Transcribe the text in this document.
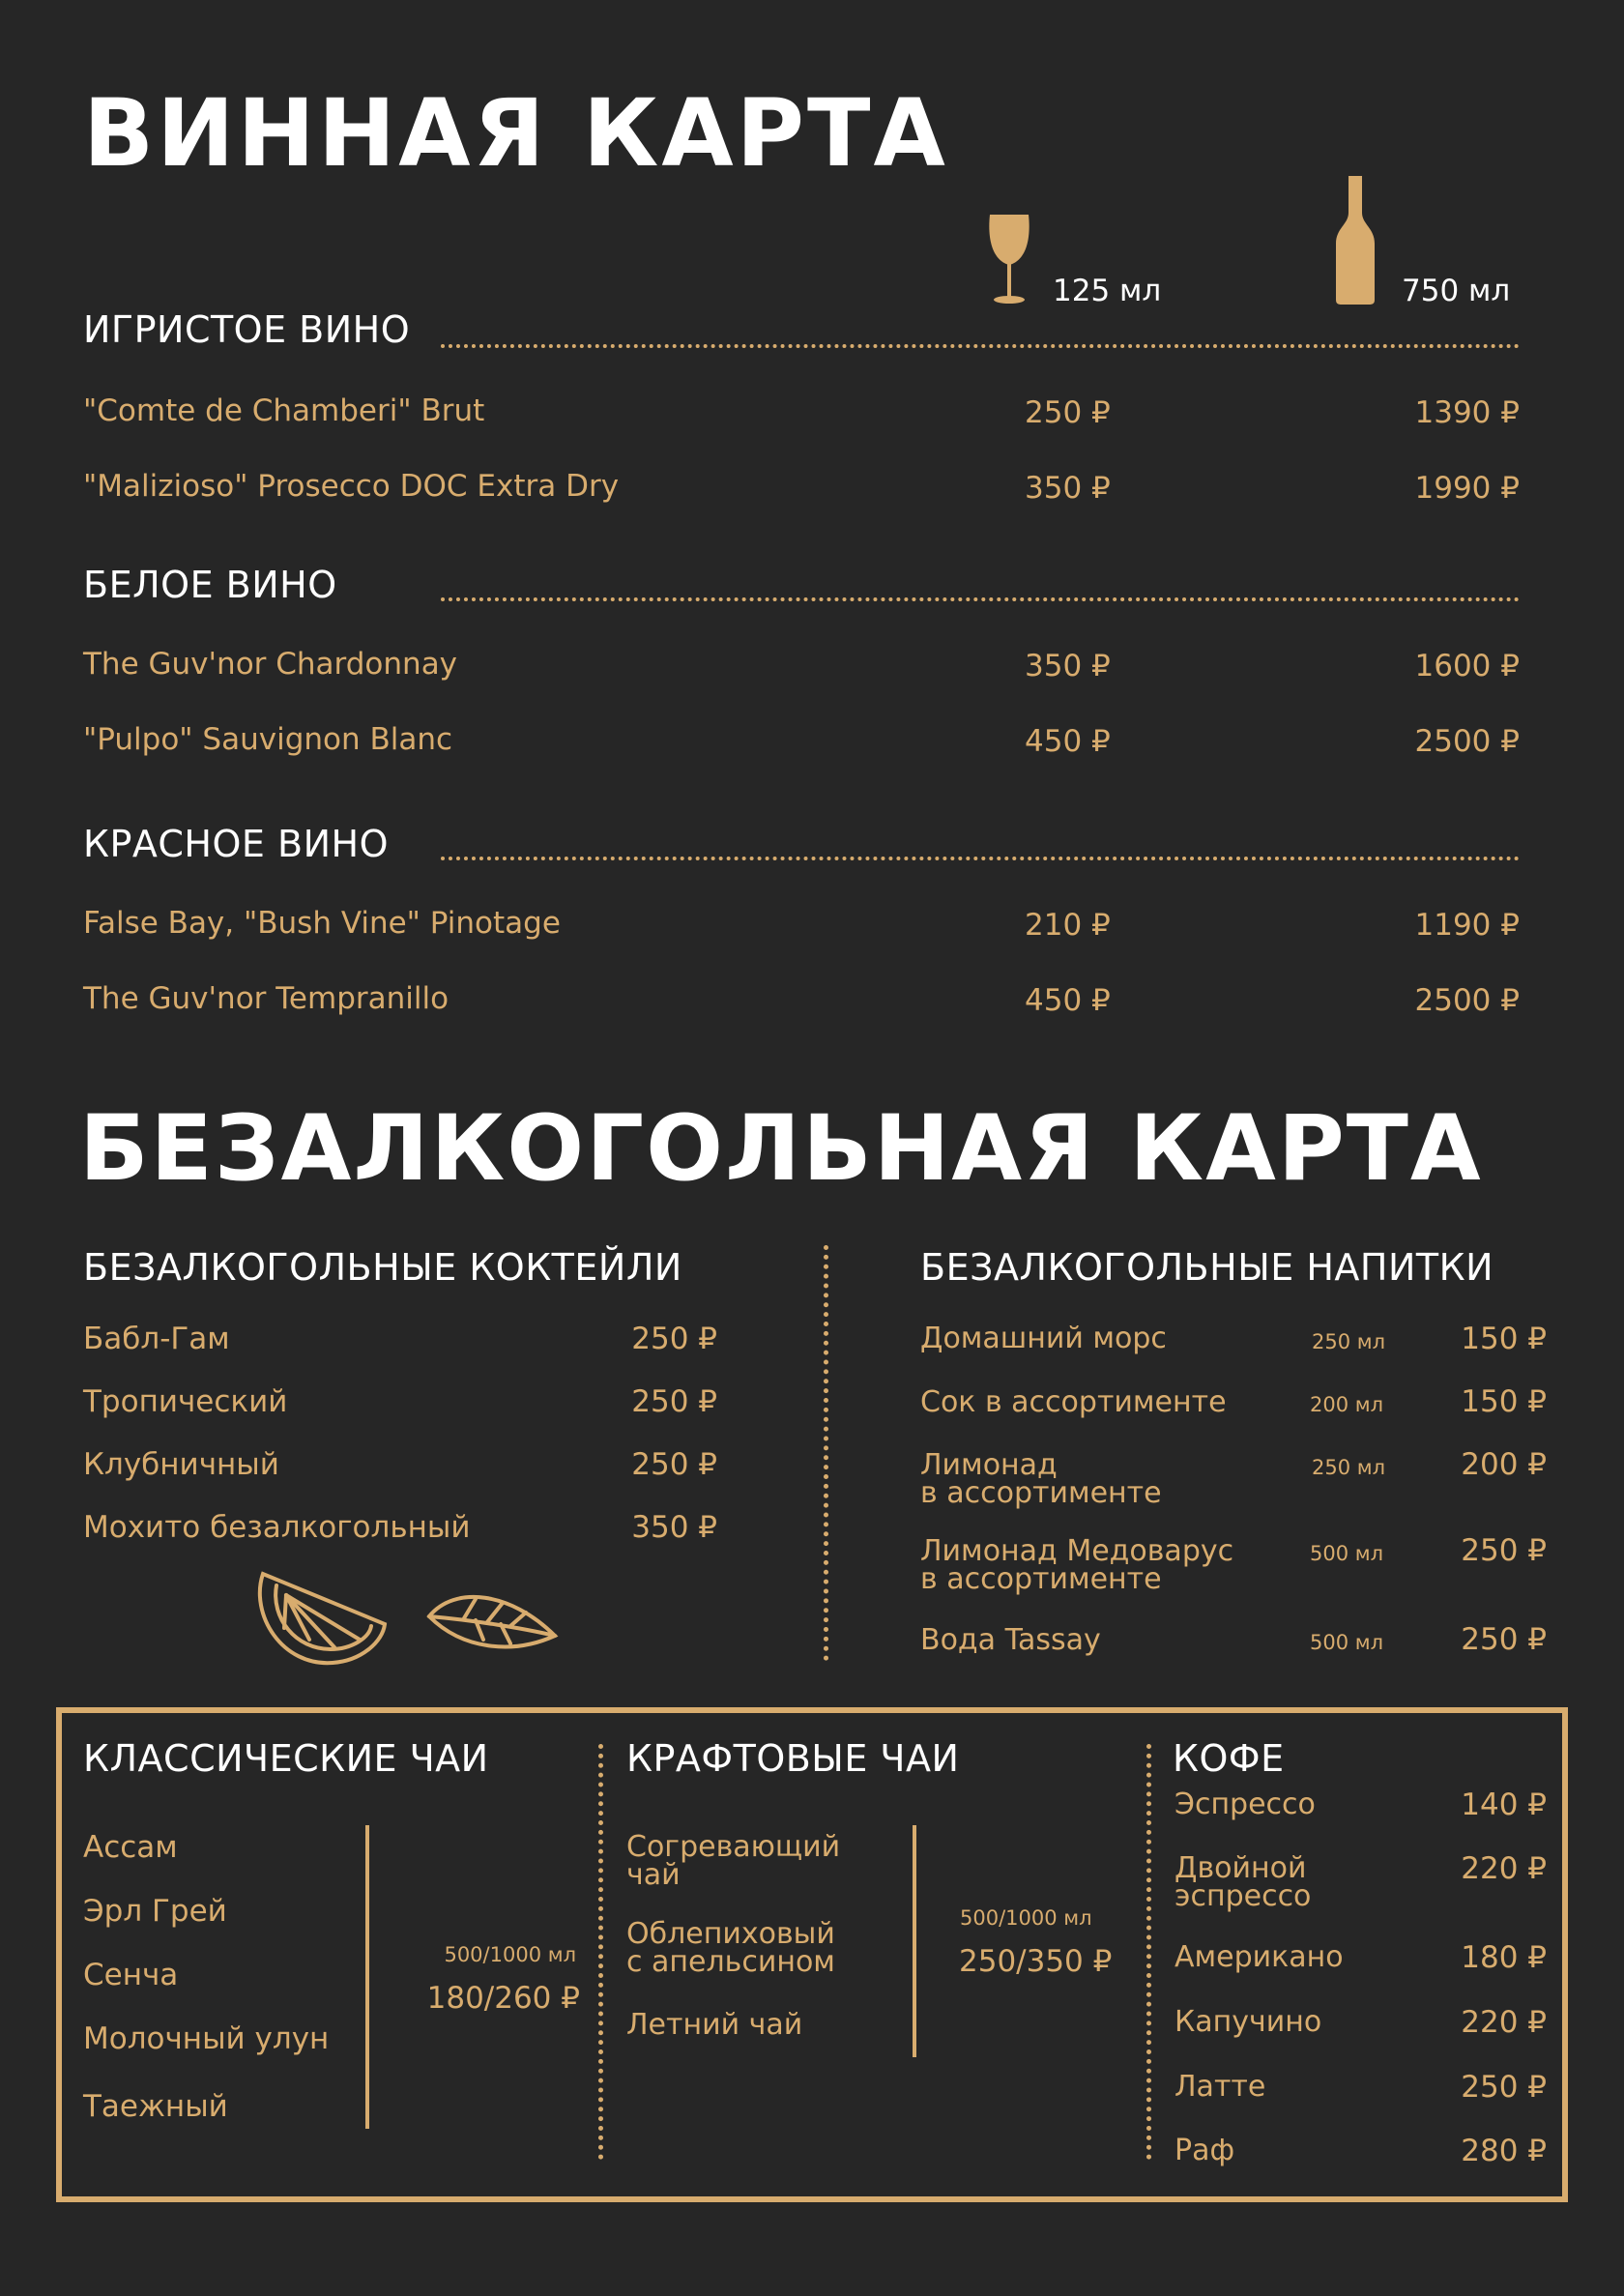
ВИННАЯ КАРТА
125 мл	750 мл
ИГРИСТОЕ ВИНО
"Comte de Chamberi" Brut	250 ₽	1390 ₽
"Malizioso" Prosecco DOC Extra Dry	350 ₽	1990 ₽
БЕЛОЕ ВИНО
The Guv'nor Chardonnay	350 ₽	1600 ₽
"Pulpo" Sauvignon Blanc	450 ₽	2500 ₽
КРАСНОЕ ВИНО
False Bay, "Bush Vine" Pinotage	210 ₽	1190 ₽
The Guv'nor Tempranillo	450 ₽	2500 ₽
БЕЗАЛКОГОЛЬНАЯ КАРТА
БЕЗАЛКОГОЛЬНЫЕ КОКТЕЙЛИ
Бабл-Гам	250 ₽
Тропический	250 ₽
Клубничный	250 ₽
Мохито безалкогольный	350 ₽
БЕЗАЛКОГОЛЬНЫЕ НАПИТКИ
Домашний морс	250 мл	150 ₽
Сок в ассортименте	200 мл	150 ₽
Лимонад
в ассортименте
250 мл	200 ₽
Лимонад Медоварус
в ассортименте
500 мл	250 ₽
Вода Tassay	500 мл	250 ₽
КЛАССИЧЕСКИЕ ЧАИ
Ассам
Эрл Грей
Сенча
Молочный улун
Таежный
500/1000 мл
180/260 ₽
КРАФТОВЫЕ ЧАИ
Согревающий
чай
Облепиховый
с апельсином
Летний чай
500/1000 мл
250/350 ₽
КОФЕ
Эспрессо	140 ₽
Двойной
эспрессо
220 ₽
Американо	180 ₽
Капучино	220 ₽
Латте	250 ₽
Раф	280 ₽
